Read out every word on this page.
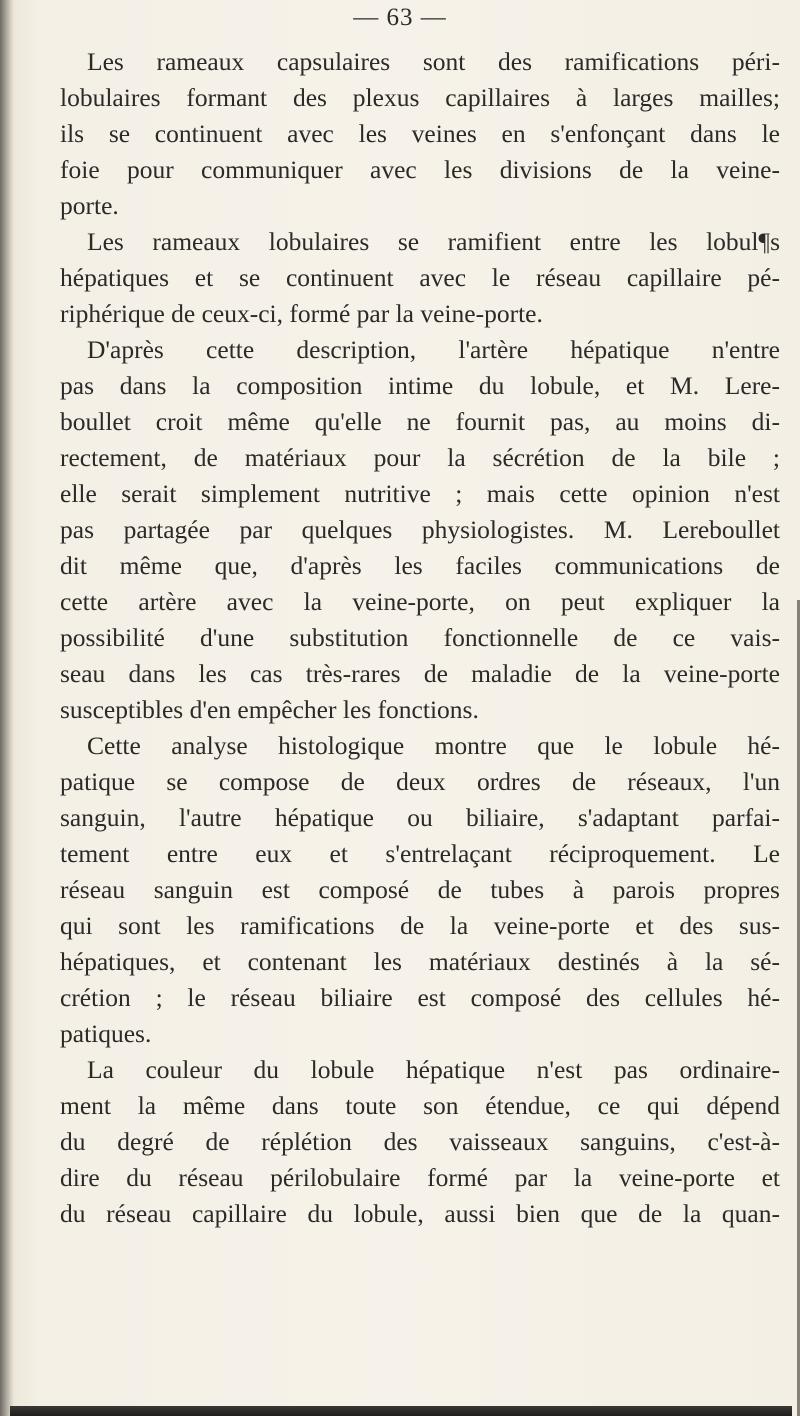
— 63 —
Les rameaux capsulaires sont des ramifications péri-
lobulaires formant des plexus capillaires à larges mailles;
ils se continuent avec les veines en s'enfonçant dans le
foie pour communiquer avec les divisions de la veine-
porte.
Les rameaux lobulaires se ramifient entre les lobul¶s
hépatiques et se continuent avec le réseau capillaire pé-
riphérique de ceux-ci, formé par la veine-porte.
D'après cette description, l'artère hépatique n'entre
pas dans la composition intime du lobule, et M. Lere-
boullet croit même qu'elle ne fournit pas, au moins di-
rectement, de matériaux pour la sécrétion de la bile ;
elle serait simplement nutritive ; mais cette opinion n'est
pas partagée par quelques physiologistes. M. Lereboullet
dit même que, d'après les faciles communications de
cette artère avec la veine-porte, on peut expliquer la
possibilité d'une substitution fonctionnelle de ce vais-
seau dans les cas très-rares de maladie de la veine-porte
susceptibles d'en empêcher les fonctions.
Cette analyse histologique montre que le lobule hé-
patique se compose de deux ordres de réseaux, l'un
sanguin, l'autre hépatique ou biliaire, s'adaptant parfai-
tement entre eux et s'entrelaçant réciproquement. Le
réseau sanguin est composé de tubes à parois propres
qui sont les ramifications de la veine-porte et des sus-
hépatiques, et contenant les matériaux destinés à la sé-
crétion ; le réseau biliaire est composé des cellules hé-
patiques.
La couleur du lobule hépatique n'est pas ordinaire-
ment la même dans toute son étendue, ce qui dépend
du degré de réplétion des vaisseaux sanguins, c'est-à-
dire du réseau périlobulaire formé par la veine-porte et
du réseau capillaire du lobule, aussi bien que de la quan-
